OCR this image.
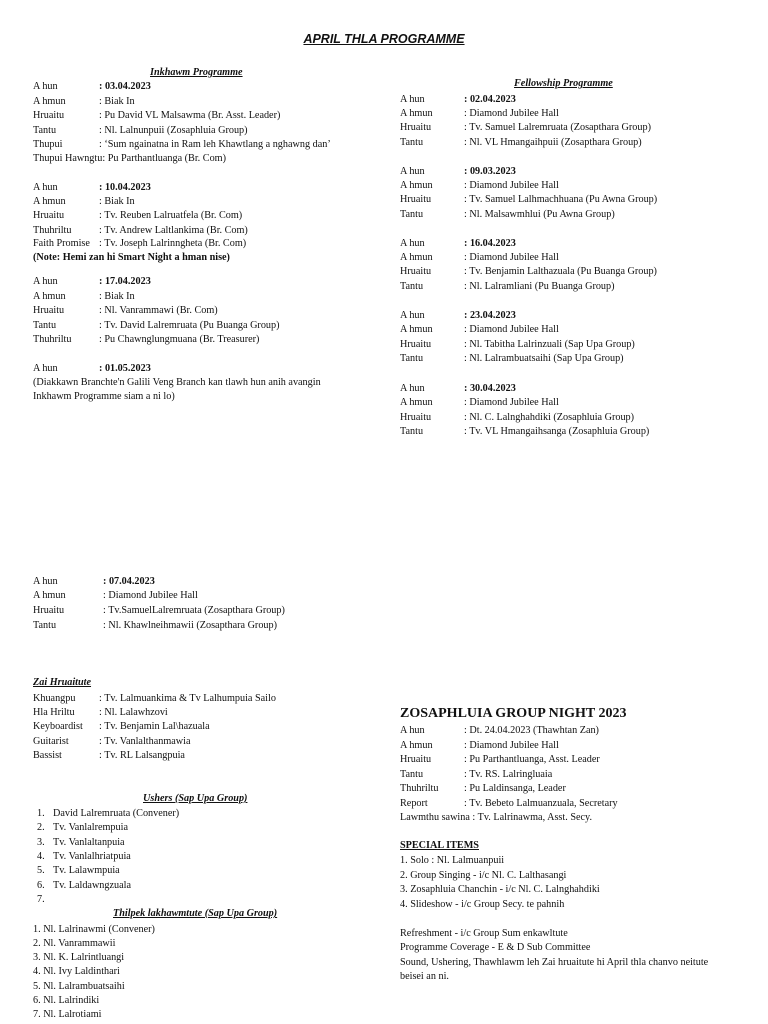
APRIL THLA PROGRAMME
Inkhawm Programme
A hun	: 03.04.2023
A hmun	: Biak In
Hruaitu	: Pu David VL Malsawma (Br. Asst. Leader)
Tantu	: Nl. Lalnunpuii (Zosaphluia Group)
Thupui	: ‘Sum ngainatna in Ram leh Khawtlang a nghawng dan’
Thupui Hawngtu: Pu Parthantluanga (Br. Com)
A hun	: 10.04.2023
A hmun	: Biak In
Hruaitu	: Tv. Reuben Lalruatfela (Br. Com)
Thuhriltu	: Tv. Andrew Laltlankima (Br. Com)
Faith Promise : Tv. Joseph Lalrinngheta (Br. Com)
(Note: Hemi zan hi Smart Night a hman nise)
A hun	: 17.04.2023
A hmun	: Biak In
Hruaitu	: Nl. Vanrammawi (Br. Com)
Tantu	: Tv. David Lalremruata (Pu Buanga Group)
Thuhriltu	: Pu Chawnglungmuana (Br. Treasurer)
A hun	: 01.05.2023
(Diakkawn Branchte'n Galili Veng Branch kan tlawh hun anih avangin
Inkhawm Programme siam a ni lo)
Fellowship Programme
A hun	: 02.04.2023
A hmun	: Diamond Jubilee Hall
Hruaitu	: Tv. Samuel Lalremruata (Zosapthara Group)
Tantu	: Nl. VL Hmangaihpuii (Zosapthara Group)
A hun	: 09.03.2023
A hmun	: Diamond Jubilee Hall
Hruaitu	: Tv. Samuel Lalhmachhuana (Pu Awna Group)
Tantu	: Nl. Malsawmhlui (Pu Awna Group)
A hun	: 16.04.2023
A hmun	: Diamond Jubilee Hall
Hruaitu	: Tv. Benjamin Lalthazuala (Pu Buanga Group)
Tantu	: Nl. Lalramliani (Pu Buanga Group)
A hun	: 23.04.2023
A hmun	: Diamond Jubilee Hall
Hruaitu	: Nl. Tabitha Lalrinzuali (Sap Upa Group)
Tantu	: Nl. Lalrambuatsaihi (Sap Upa Group)
A hun	: 30.04.2023
A hmun	: Diamond Jubilee Hall
Hruaitu	: Nl. C. Lalnghahdiki (Zosaphluia Group)
Tantu	: Tv. VL Hmangaihsanga (Zosaphluia Group)
A hun	: 07.04.2023
A hmun	: Diamond Jubilee Hall
Hruaitu	: Tv.SamuelLalremruata (Zosapthara Group)
Tantu	: Nl. Khawlneihmawii (Zosapthara Group)
Zai Hruaitute
Khuangpu : Tv. Lalmuankima & Tv Lalhumpuia Sailo
Hla Hriltu : Nl. Lalawhzovi
Keyboardist : Tv. Benjamin Lal\hazuala
Guitarist	: Tv. Vanlalthanmawia
Bassist	: Tv. RL Lalsangpuia
Ushers (Sap Upa Group)
1. David Lalremruata (Convener)
2. Tv. Vanlalrempuia
3. Tv. Vanlaltanpuia
4. Tv. Vanlalhriatpuia
5. Tv. Lalawmpuia
6. Tv. Laldawngzuala
7.
Thilpek lakhawmtute (Sap Upa Group)
1. Nl. Lalrinawmi (Convener)
2. Nl. Vanrammawii
3. Nl. K. Lalrintluangi
4. Nl. Ivy Laldinthari
5. Nl. Lalrambuatsaihi
6. Nl. Lalrindiki
7. Nl. Lalrotiami
ZOSAPHLUIA GROUP NIGHT 2023
A hun	: Dt. 24.04.2023 (Thawhtan Zan)
A hmun	: Diamond Jubilee Hall
Hruaitu	: Pu Parthantluanga, Asst. Leader
Tantu	: Tv. RS. Lalringluaia
Thuhriltu	: Pu Laldinsanga, Leader
Report	: Tv. Bebeto Lalmuanzuala, Secretary
Lawmthu sawina : Tv. Lalrinawma, Asst. Secy.
SPECIAL ITEMS
1. Solo : Nl. Lalmuanpuii
2. Group Singing - i/c Nl. C. Lalthasangi
3. Zosaphluia Chanchin - i/c Nl. C. Lalnghahdiki
4. Slideshow - i/c Group Secy. te pahnih
Refreshment - i/c Group Sum enkawltute
Programme Coverage - E & D Sub Committee
Sound, Ushering, Thawhlawm leh Zai hruaitute hi April thla chanvo neitute
beisei an ni.
